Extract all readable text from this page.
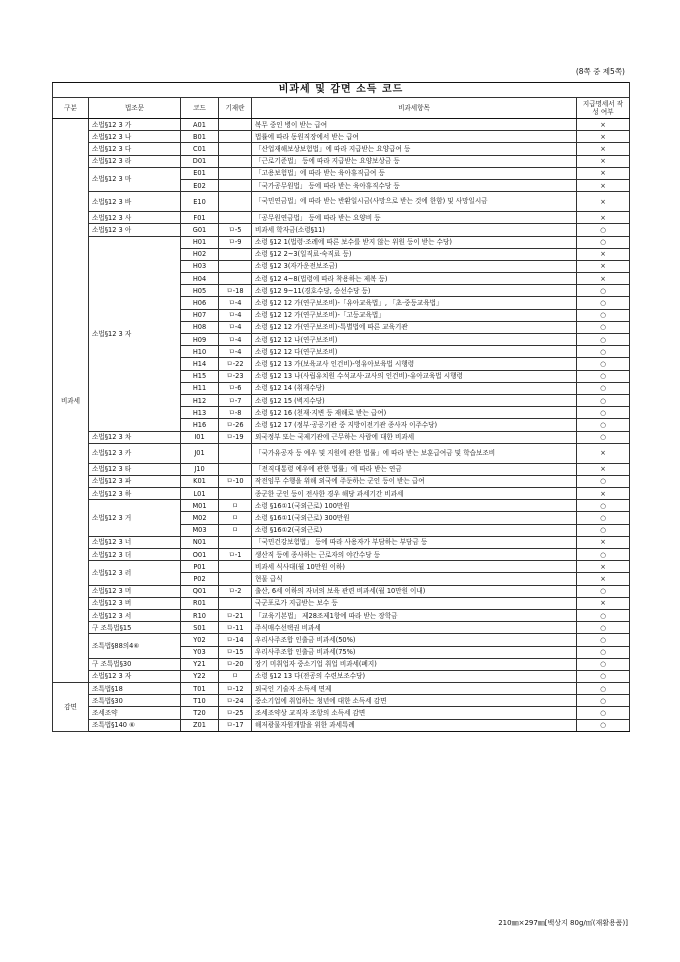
(8쪽 중 제5쪽)
비과세 및 감면 소득 코드					
구분	법조문	코드	기재란	비과세항목	지급명세서 작성 여부
비과세	소법§12 3 가	A01		복무 중인 병이 받는 급여	×
	소법§12 3 나	B01		법률에 따라 동원직장에서 받는 급여	×
	소법§12 3 다	C01		「산업재해보상보험법」에 따라 지급받는 요양급여 등	×
	소법§12 3 라	D01		「근로기준법」 등에 따라 지급받는 요양보상금 등	×
	소법§12 3 마	E01		「고용보험법」에 따라 받는 육아휴직급여 등	×
		E02		「국가공무원법」 등에 따라 받는 육아휴직수당 등	×
	소법§12 3 바	E10		「국민연금법」에 따라 받는 반환일시금(사망으로 받는 것에 한함) 및 사망일시금	×
	소법§12 3 사	F01		「공무원연금법」 등에 따라 받는 요양비 등	×
	소법§12 3 아	G01	ㅁ-5	비과세 학자금(소령§11)	○
	소법§12 3 자	H01	ㅁ-9	소령 §12 1(법령·조례에 따른 보수를 받지 않는 위원 등이 받는 수당)	○
		H02		소령 §12 2~3(일직료·숙직료 등)	×
		H03		소령 §12 3(자가운전보조금)	×
		H04		소령 §12 4~8(법령에 따라 착용하는 제복 등)	×
		H05	ㅁ-18	소령 §12 9~11(경호수당, 승선수당 등)	○
		H06	ㅁ-4	소령 §12 12 가(연구보조비)-「유아교육법」, 「초·중등교육법」	○
		H07	ㅁ-4	소령 §12 12 가(연구보조비)-「고등교육법」	○
		H08	ㅁ-4	소령 §12 12 가(연구보조비)-특별법에 따른 교육기관	○
		H09	ㅁ-4	소령 §12 12 나(연구보조비)	○
		H10	ㅁ-4	소령 §12 12 다(연구보조비)	○
		H14	ㅁ-22	소령 §12 13 가(보육교사 인건비)-영유아보육법 시행령	○
		H15	ㅁ-23	소령 §12 13 나(사립유치원 수석교사·교사의 인건비)-유아교육법 시행령	○
		H11	ㅁ-6	소령 §12 14 (취재수당)	○
		H12	ㅁ-7	소령 §12 15 (벽지수당)	○
		H13	ㅁ-8	소령 §12 16 (천재·지변 등 재해로 받는 급여)	○
		H16	ㅁ-26	소령 §12 17 (정부·공공기관 중 지방이전기관 종사자 이주수당)	○
	소법§12 3 차	I01	ㅁ-19	외국정부 또는 국제기관에 근무하는 사람에 대한 비과세	○
	소법§12 3 카	J01		「국가유공자 등 예우 및 지원에 관한 법률」에 따라 받는 보훈급여금 및 학습보조비	×
	소법§12 3 타	J10		「전직대통령 예우에 관한 법률」에 따라 받는 연금	×
	소법§12 3 파	K01	ㅁ-10	작전임무 수행을 위해 외국에 주둔하는 군인 등이 받는 급여	○
	소법§12 3 하	L01		종군한 군인 등이 전사한 경우 해당 과세기간 비과세	×
	소법§12 3 거	M01	ㅁ	소령 §16①1(국외근로) 100만원	○
		M02	ㅁ	소령 §16①1(국외근로) 300만원	○
		M03	ㅁ	소령 §16①2(국외근로)	○
	소법§12 3 너	N01		「국민건강보험법」 등에 따라 사용자가 부담하는 부담금 등	×
	소법§12 3 더	O01	ㅁ-1	생산직 등에 종사하는 근로자의 야간수당 등	○
	소법§12 3 러	P01		비과세 식사대(월 10만원 이하)	×
		P02		현물 급식	×
	소법§12 3 머	Q01	ㅁ-2	출산, 6세 이하의 자녀의 보육 관련 비과세(월 10만원 이내)	○
	소법§12 3 버	R01		국군포로가 지급받는 보수 등	×
	소법§12 3 서	R10	ㅁ-21	「교육기본법」 제28조제1항에 따라 받는 장학금	○
	구 조특법§15	S01	ㅁ-11	주식매수선택권 비과세	○
	조특법§88의4⑥	Y02	ㅁ-14	우리사주조합 인출금 비과세(50%)	○
		Y03	ㅁ-15	우리사주조합 인출금 비과세(75%)	○
	구 조특법§30	Y21	ㅁ-20	장기 미취업자 중소기업 취업 비과세(폐지)	○
	소법§12 3 자	Y22	ㅁ	소령 §12 13 다(전공의 수련보조수당)	○
감면	조특법§18	T01	ㅁ-12	외국인 기술자 소득세 면제	○
	조특법§30	T10	ㅁ-24	중소기업에 취업하는 청년에 대한 소득세 감면	○
	조세조약	T20	ㅁ-25	조세조약상 교직자 조항의 소득세 감면	○
	조특법§140 ⑥	Z01	ㅁ-17	해저광물자원개발을 위한 과세특례	○
210㎜×297㎜[백상지 80g/㎡(재활용품)]
